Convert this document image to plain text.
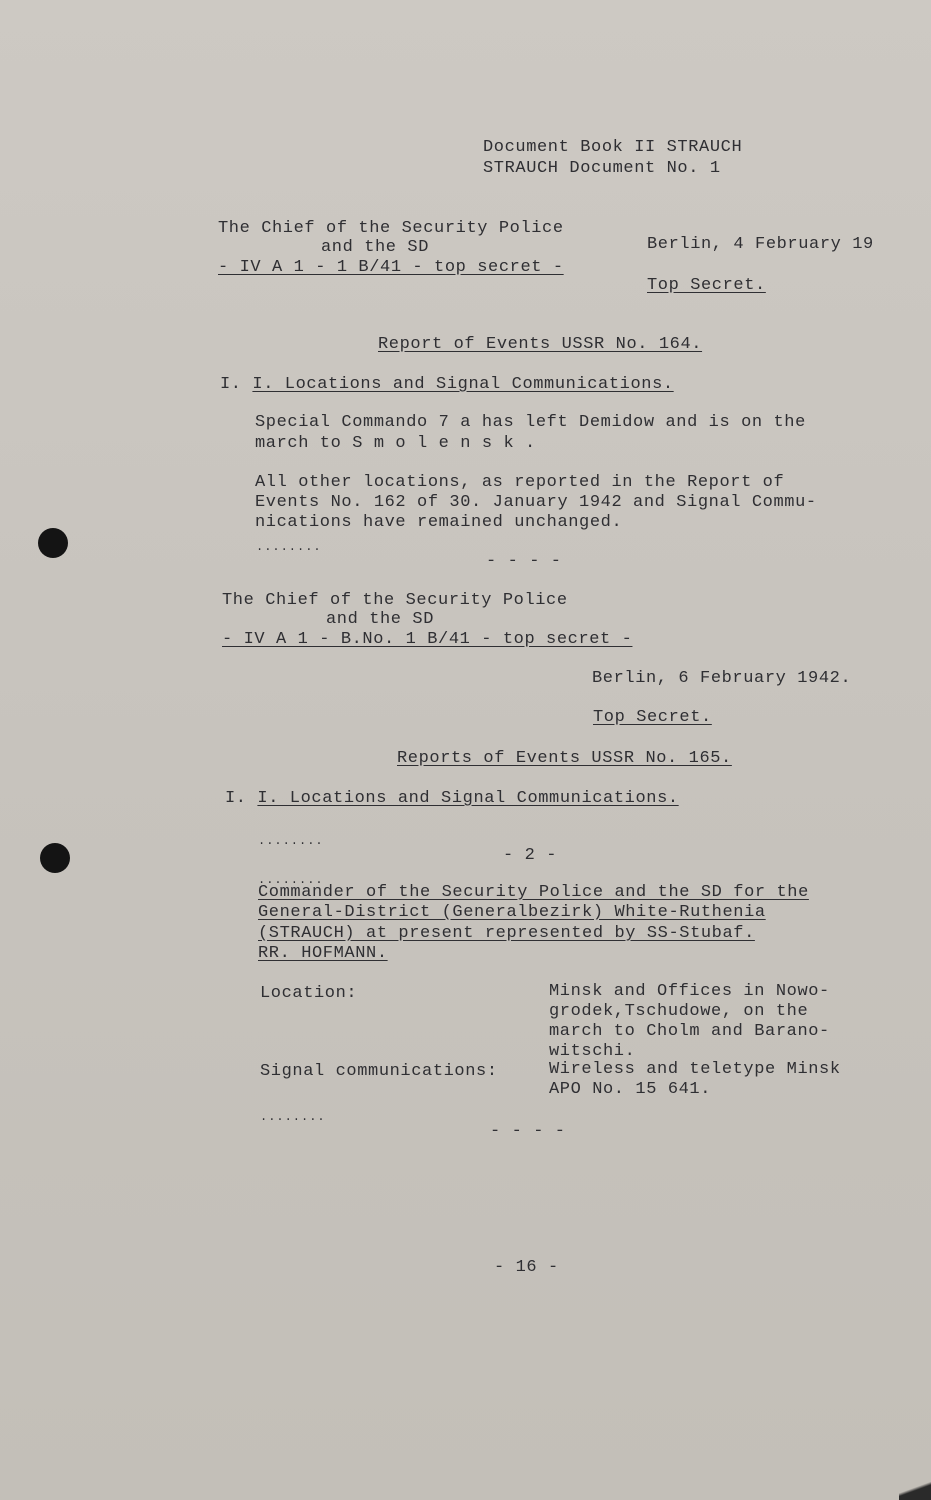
Document Book II STRAUCH
STRAUCH Document No. 1
The Chief of the Security Police
and the SD
- IV A 1 - 1 B/41 - top secret -
Berlin, 4 February 19
Top Secret.
Report of Events USSR No. 164.
I. I. Locations and Signal Communications.
Special Commando 7 a has left Demidow and is on the
march to S m o l e n s k .
All other locations, as reported in the Report of
Events No. 162 of 30. January 1942 and Signal Commu-
nications have remained unchanged.
........
- - - -
The Chief of the Security Police
and the SD
- IV A 1 - B.No. 1 B/41 - top secret -
Berlin, 6 February 1942.
Top Secret.
Reports of Events USSR No. 165.
I. I. Locations and Signal Communications.
........
- 2 -
........
Commander of the Security Police and the SD for the
General-District (Generalbezirk) White-Ruthenia
(STRAUCH) at present represented by SS-Stubaf.
RR. HOFMANN.
Location:	Minsk and Offices in Nowo-
grodek,Tschudowe, on the
march to Cholm and Barano-
witschi.
Signal communications:	Wireless and teletype Minsk
APO No. 15 641.
........
- - - -
- 16 -
